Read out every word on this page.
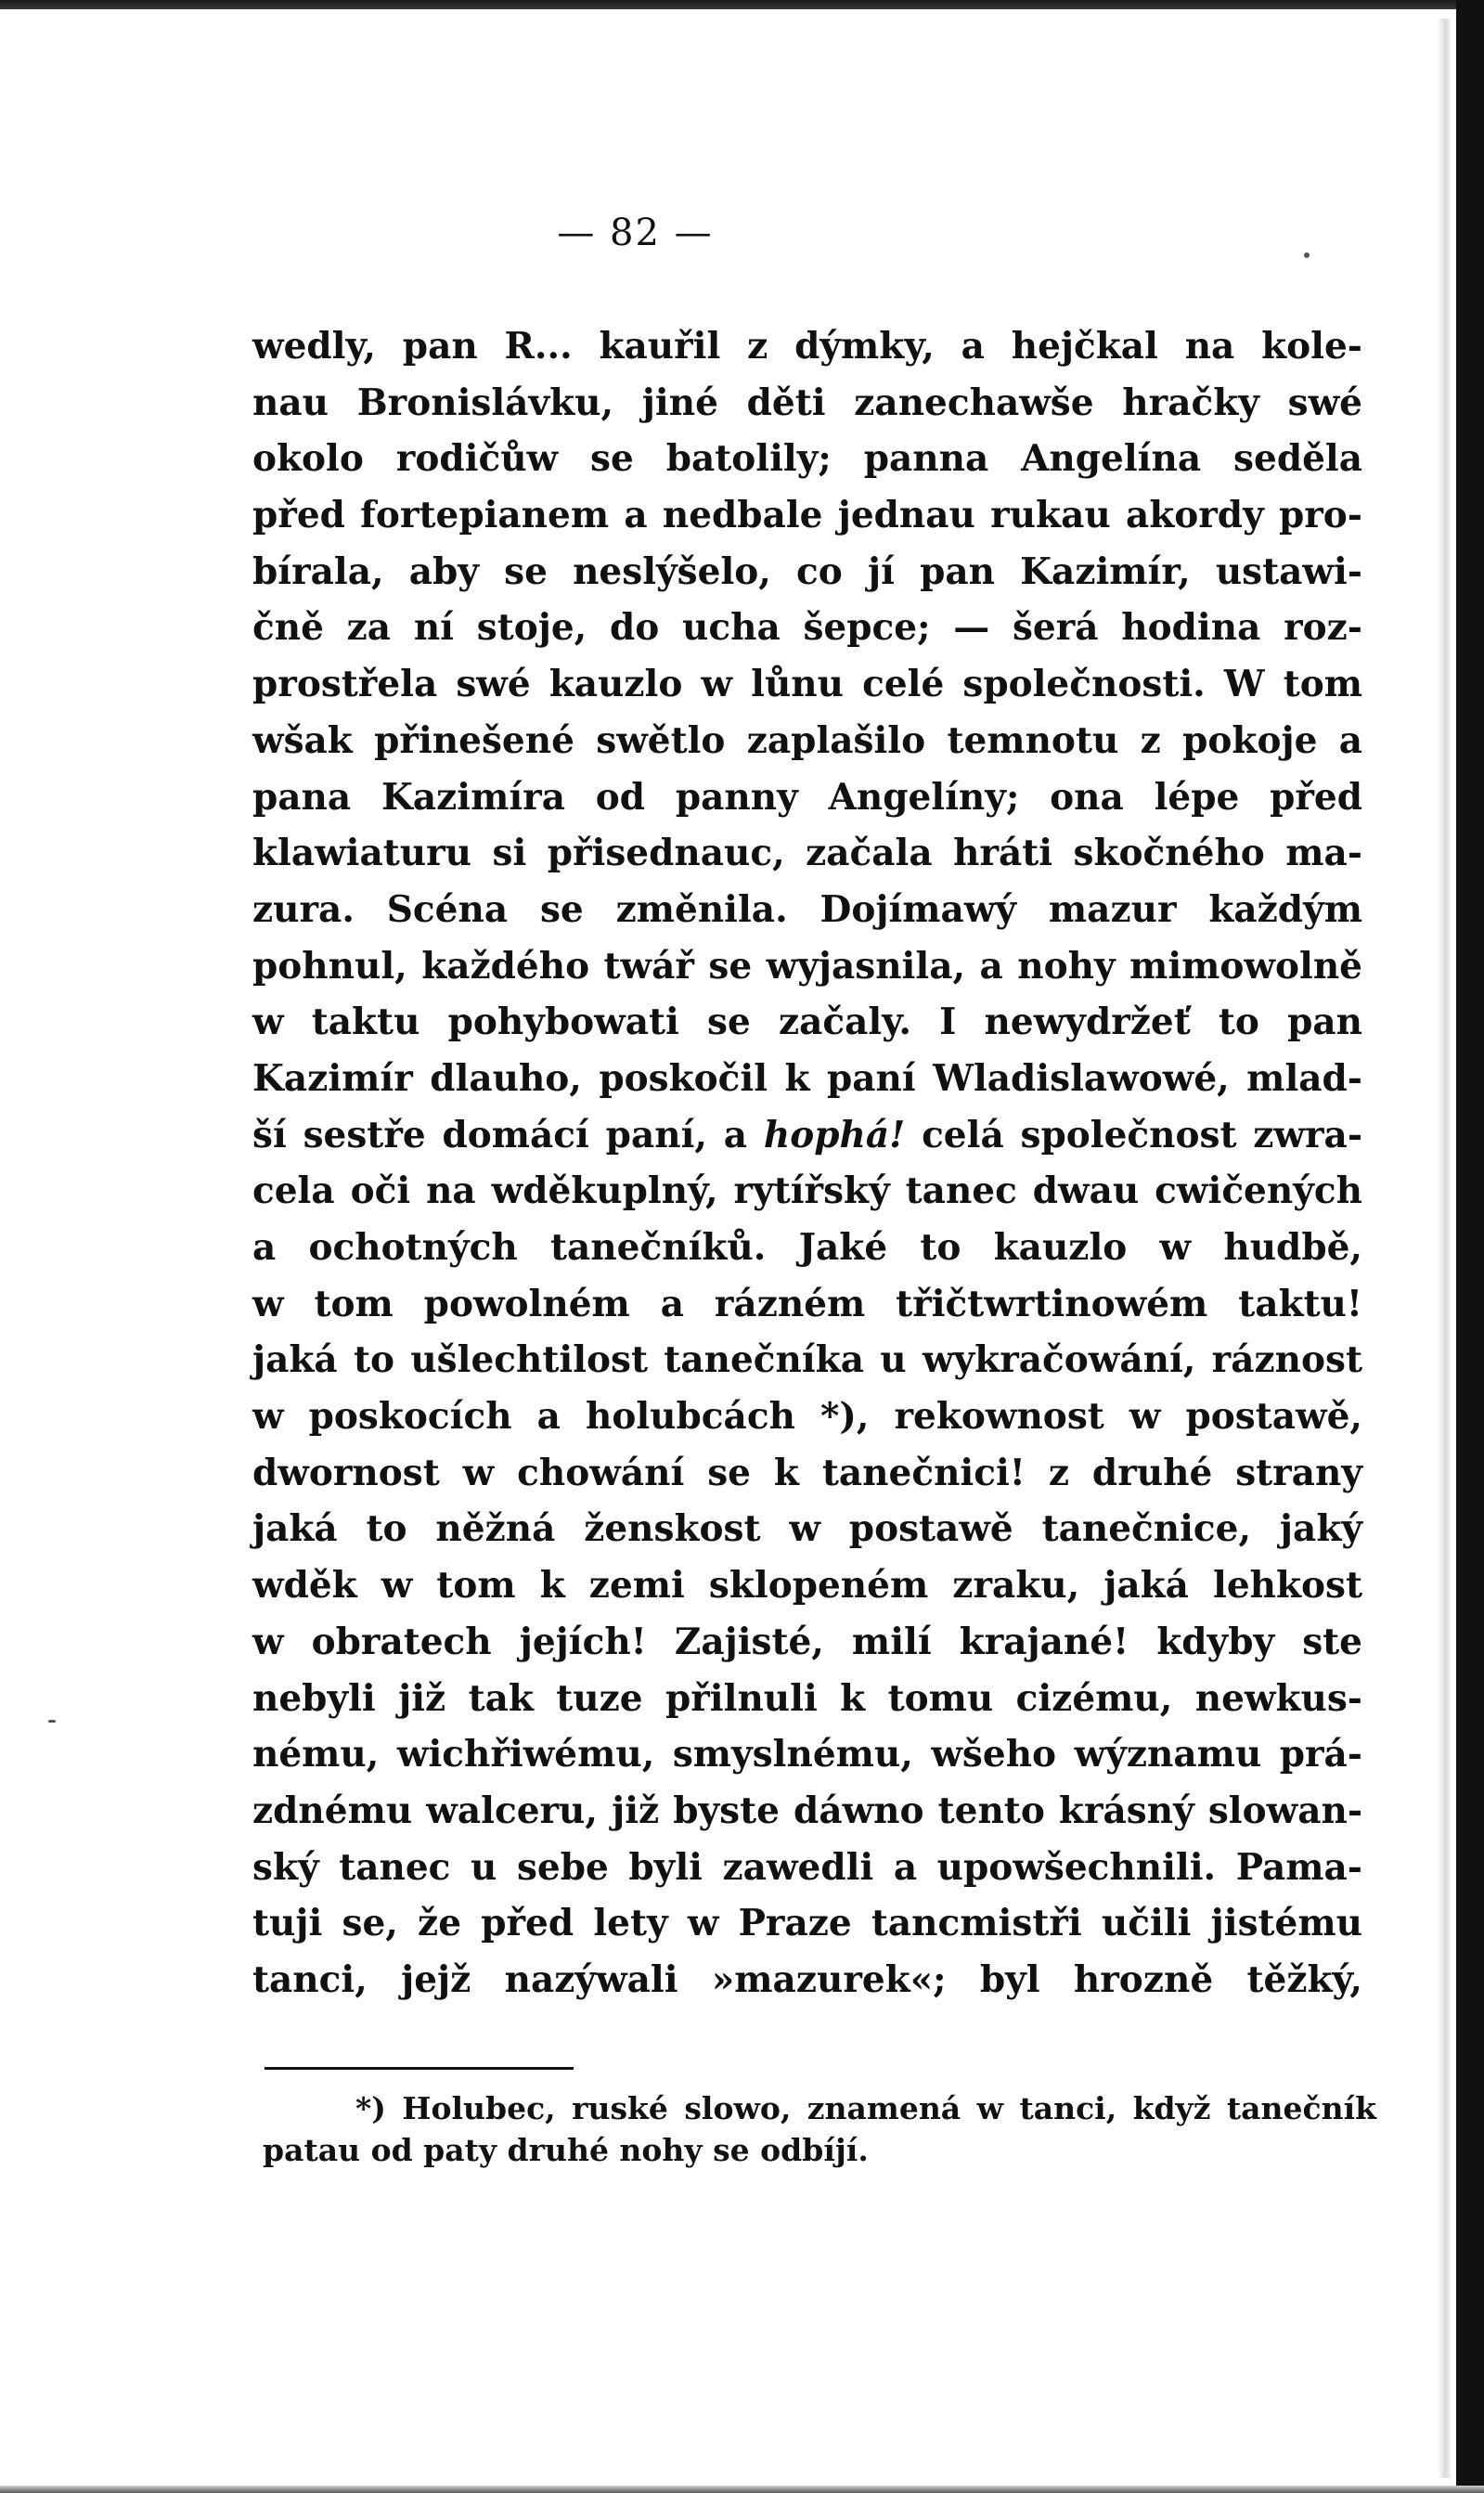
— 82 —
wedly, pan R... kauřil z dýmky, a hejčkal na kole-
nau Bronislávku, jiné děti zanechawše hračky swé
okolo rodičůw se batolily; panna Angelína seděla
před fortepianem a nedbale jednau rukau akordy pro-
bírala, aby se neslýšelo, co jí pan Kazimír, ustawi-
čně za ní stoje, do ucha šepce; — šerá hodina roz-
prostřela swé kauzlo w lůnu celé společnosti. W tom
wšak přinešené swětlo zaplašilo temnotu z pokoje a
pana Kazimíra od panny Angelíny; ona lépe před
klawiaturu si přisednauc, začala hráti skočného ma-
zura. Scéna se změnila. Dojímawý mazur každým
pohnul, každého twář se wyjasnila, a nohy mimowolně
w taktu pohybowati se začaly. I newydržeť to pan
Kazimír dlauho, poskočil k paní Wladislawowé, mlad-
ší sestře domácí paní, a hophá! celá společnost zwra-
cela oči na wděkuplný, rytířský tanec dwau cwičených
a ochotných tanečníků. Jaké to kauzlo w hudbě,
w tom powolném a rázném třičtwrtinowém taktu!
jaká to ušlechtilost tanečníka u wykračowání, ráznost
w poskocích a holubcách *), rekownost w postawě,
dwornost w chowání se k tanečnici! z druhé strany
jaká to něžná ženskost w postawě tanečnice, jaký
wděk w tom k zemi sklopeném zraku, jaká lehkost
w obratech jejích! Zajisté, milí krajané! kdyby ste
nebyli již tak tuze přilnuli k tomu cizému, newkus-
nému, wichřiwému, smyslnému, wšeho wýznamu prá-
zdnému walceru, již byste dáwno tento krásný slowan-
ský tanec u sebe byli zawedli a upowšechnili. Pama-
tuji se, že před lety w Praze tancmistři učili jistému
tanci, jejž nazýwali »mazurek«; byl hrozně těžký,
*) Holubec, ruské slowo, znamená w tanci, když tanečník
patau od paty druhé nohy se odbíjí.
